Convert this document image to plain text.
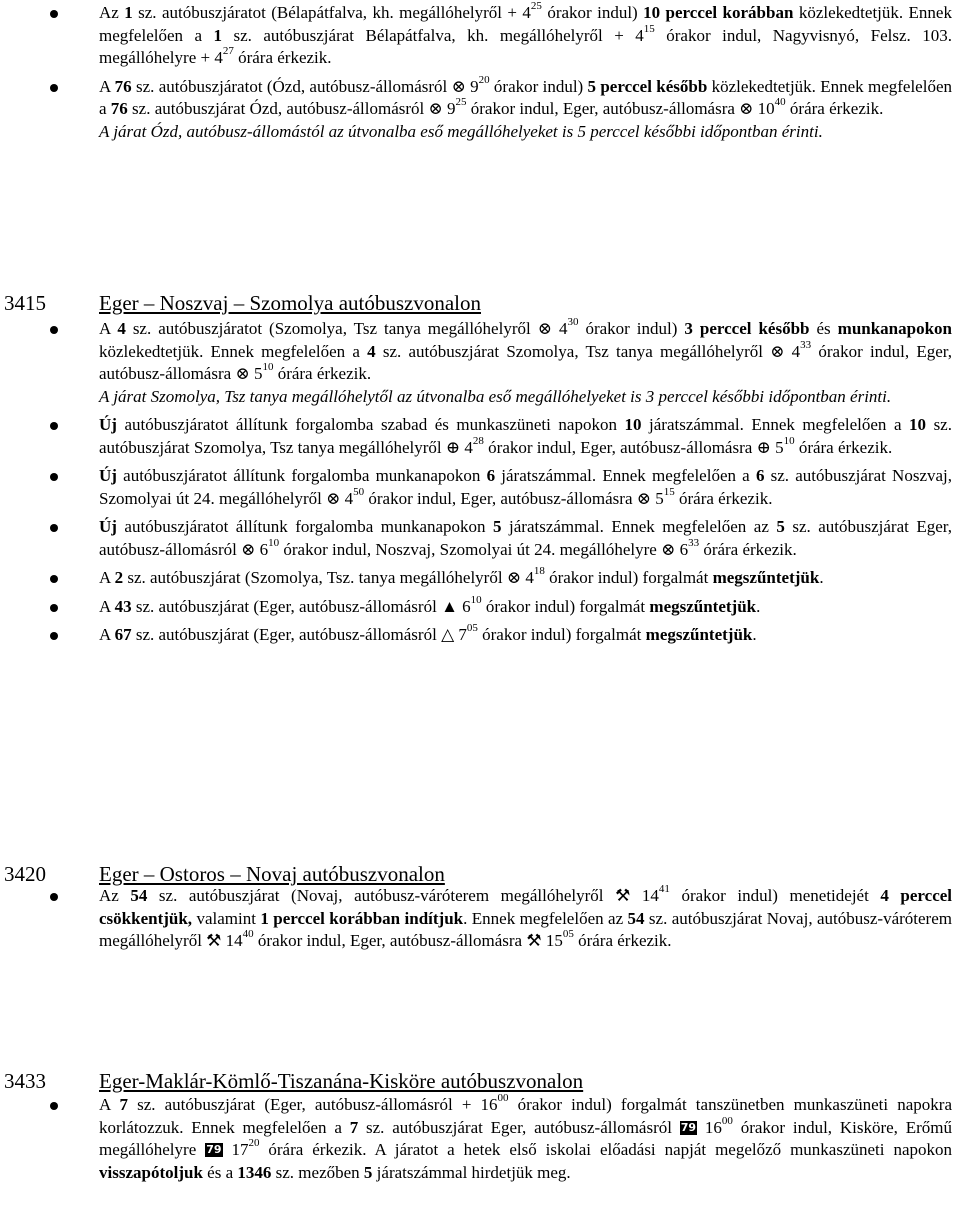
Az 1 sz. autóbuszjáratot (Bélapátfalva, kh. megállóhelyről + $4^{25}$ órakor indul) 10 perccel korábban közlekedtetjük. Ennek megfelelően a 1 sz. autóbuszjárat Bélapátfalva, kh. megállóhelyről + $4^{15}$ órakor indul, Nagyvisnyó, Felsz. 103. megállóhelyre + $4^{27}$ órára érkezik.
A 76 sz. autóbuszjáratot (Ózd, autóbusz-állomásról ⊗ $9^{20}$ órakor indul) 5 perccel később közlekedtetjük. Ennek megfelelően a 76 sz. autóbuszjárat Ózd, autóbusz-állomásról ⊗ $9^{25}$ órakor indul, Eger, autóbusz-állomásra ⊗ $10^{40}$ órára érkezik.

A járat Ózd, autóbusz-állomástól az útvonalba eső megállóhelyeket is 5 perccel későbbi időpontban érinti.

3415	Eger – Noszvaj – Szomolya autóbuszvonalon
A 4 sz. autóbuszjáratot (Szomolya, Tsz tanya megállóhelyről ⊗ $4^{30}$ órakor indul) 3 perccel később és munkanapokon közlekedtetjük. Ennek megfelelően a 4 sz. autóbuszjárat Szomolya, Tsz tanya megállóhelyről ⊗ $4^{33}$ órakor indul, Eger, autóbusz-állomásra ⊗ $5^{10}$ órára érkezik.

A járat Szomolya, Tsz tanya megállóhelytől az útvonalba eső megállóhelyeket is 3 perccel későbbi időpontban érinti.

Új autóbuszjáratot állítunk forgalomba szabad és munkaszüneti napokon 10 járatszámmal. Ennek megfelelően a 10 sz. autóbuszjárat Szomolya, Tsz tanya megállóhelyről ⊕ $4^{28}$ órakor indul, Eger, autóbusz-állomásra ⊕ $5^{10}$ órára érkezik.
Új autóbuszjáratot állítunk forgalomba munkanapokon 6 járatszámmal. Ennek megfelelően a 6 sz. autóbuszjárat Noszvaj, Szomolyai út 24. megállóhelyről ⊗ $4^{50}$ órakor indul, Eger, autóbusz-állomásra ⊗ $5^{15}$ órára érkezik.
Új autóbuszjáratot állítunk forgalomba munkanapokon 5 járatszámmal. Ennek megfelelően az 5 sz. autóbuszjárat Eger, autóbusz-állomásról ⊗ $6^{10}$ órakor indul, Noszvaj, Szomolyai út 24. megállóhelyre ⊗ $6^{33}$ órára érkezik.
A 2 sz. autóbuszjárat (Szomolya, Tsz. tanya megállóhelyről ⊗ $4^{18}$ órakor indul) forgalmát megszűntetjük.
A 43 sz. autóbuszjárat (Eger, autóbusz-állomásról ▲ $6^{10}$ órakor indul) forgalmát megszűntetjük.
A 67 sz. autóbuszjárat (Eger, autóbusz-állomásról △ $7^{05}$ órakor indul) forgalmát megszűntetjük.
3420	Eger – Ostoros – Novaj autóbuszvonalon
Az 54 sz. autóbuszjárat (Novaj, autóbusz-váróterem megállóhelyről ⚒ $14^{41}$ órakor indul) menetidejét 4 perccel csökkentjük, valamint 1 perccel korábban indítjuk. Ennek megfelelően az 54 sz. autóbuszjárat Novaj, autóbusz-váróterem megállóhelyről ⚒ $14^{40}$ órakor indul, Eger, autóbusz-állomásra ⚒ $15^{05}$ órára érkezik.
3433	Eger-Maklár-Kömlő-Tiszanána-Kisköre autóbuszvonalon
A 7 sz. autóbuszjárat (Eger, autóbusz-állomásról + $16^{00}$ órakor indul) forgalmát tanszünetben munkaszüneti napokra korlátozzuk. Ennek megfelelően a 7 sz. autóbuszjárat Eger, autóbusz-állomásról 79 $16^{00}$ órakor indul, Kisköre, Erőmű megállóhelyre 79 $17^{20}$ órára érkezik. A járatot a hetek első iskolai előadási napját megelőző munkaszüneti napokon visszapótoljuk és a 1346 sz. mezőben 5 járatszámmal hirdetjük meg.
